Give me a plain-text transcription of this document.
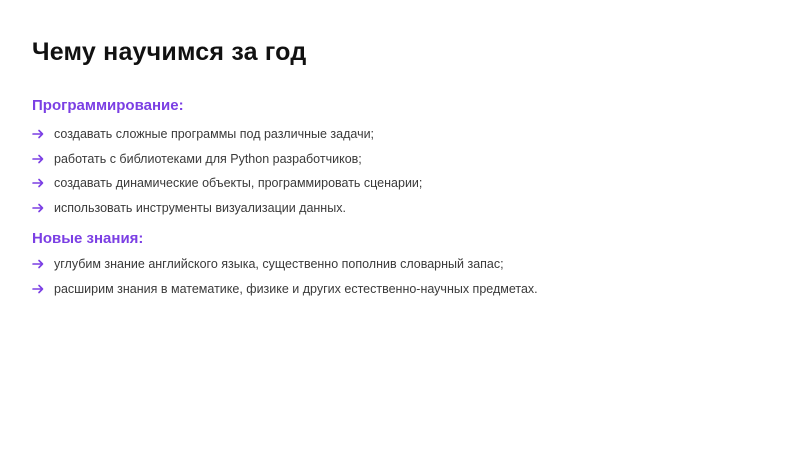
Чему научимся за год
Программирование:
создавать сложные программы под различные задачи;
работать с библиотеками для Python разработчиков;
создавать динамические объекты, программировать сценарии;
использовать инструменты визуализации данных.
Новые знания:
углубим знание английского языка, существенно пополнив словарный запас;
расширим знания в математике, физике и других естественно-научных предметах.
